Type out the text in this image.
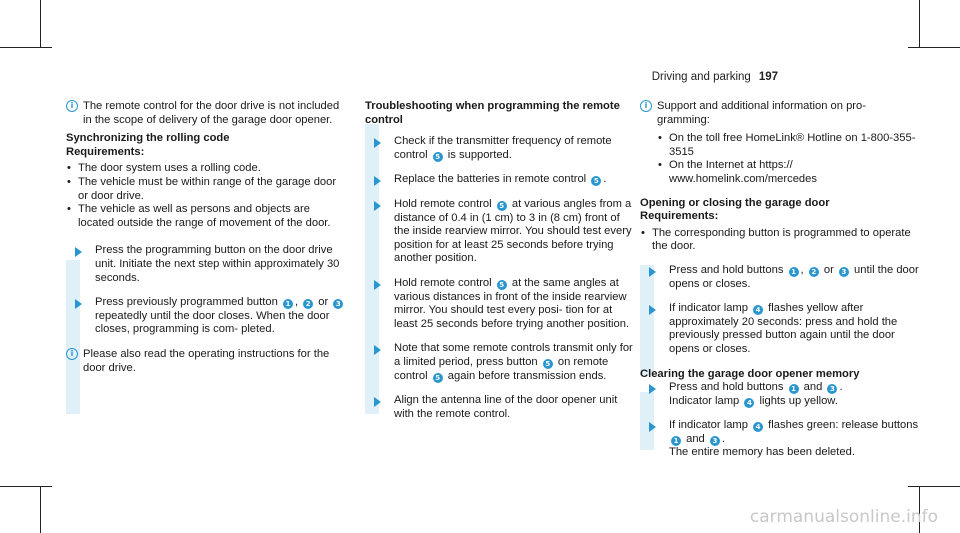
Driving and parking 197
i The remote control for the door drive is not included in the scope of delivery of the garage door opener.
Synchronizing the rolling code
Requirements:
• The door system uses a rolling code.
• The vehicle must be within range of the garage door or door drive.
• The vehicle as well as persons and objects are located outside the range of movement of the door.
Press the programming button on the door drive unit. Initiate the next step within approximately 30 seconds.
Press previously programmed button 1 , 2 or 3 repeatedly until the door closes. When the door closes, programming is com- pleted.
i Please also read the operating instructions for the door drive.
Troubleshooting when programming the remote control
Check if the transmitter frequency of remote control 5 is supported.
Replace the batteries in remote control 5 .
Hold remote control 5 at various angles from a distance of 0.4 in (1 cm) to 3 in (8 cm) front of the inside rearview mirror. You should test every position for at least 25 seconds before trying another position.
Hold remote control 5 at the same angles at various distances in front of the inside rearview mirror. You should test every posi- tion for at least 25 seconds before trying another position.
Note that some remote controls transmit only for a limited period, press button 5 on remote control 5 again before transmission ends.
Align the antenna line of the door opener unit with the remote control.
i Support and additional information on pro- gramming:
• On the toll free HomeLink® Hotline on 1-800-355-3515
• On the Internet at https:// www.homelink.com/mercedes
Opening or closing the garage door
Requirements:
• The corresponding button is programmed to operate the door.
Press and hold buttons 1 , 2 or 3 until the door opens or closes.
If indicator lamp 4 flashes yellow after approximately 20 seconds: press and hold the previously pressed button again until the door opens or closes.
Clearing the garage door opener memory
Press and hold buttons 1 and 3 .
Indicator lamp 4 lights up yellow.
If indicator lamp 4 flashes green: release buttons 1 and 3 .
The entire memory has been deleted.
carmanualsonline.info
